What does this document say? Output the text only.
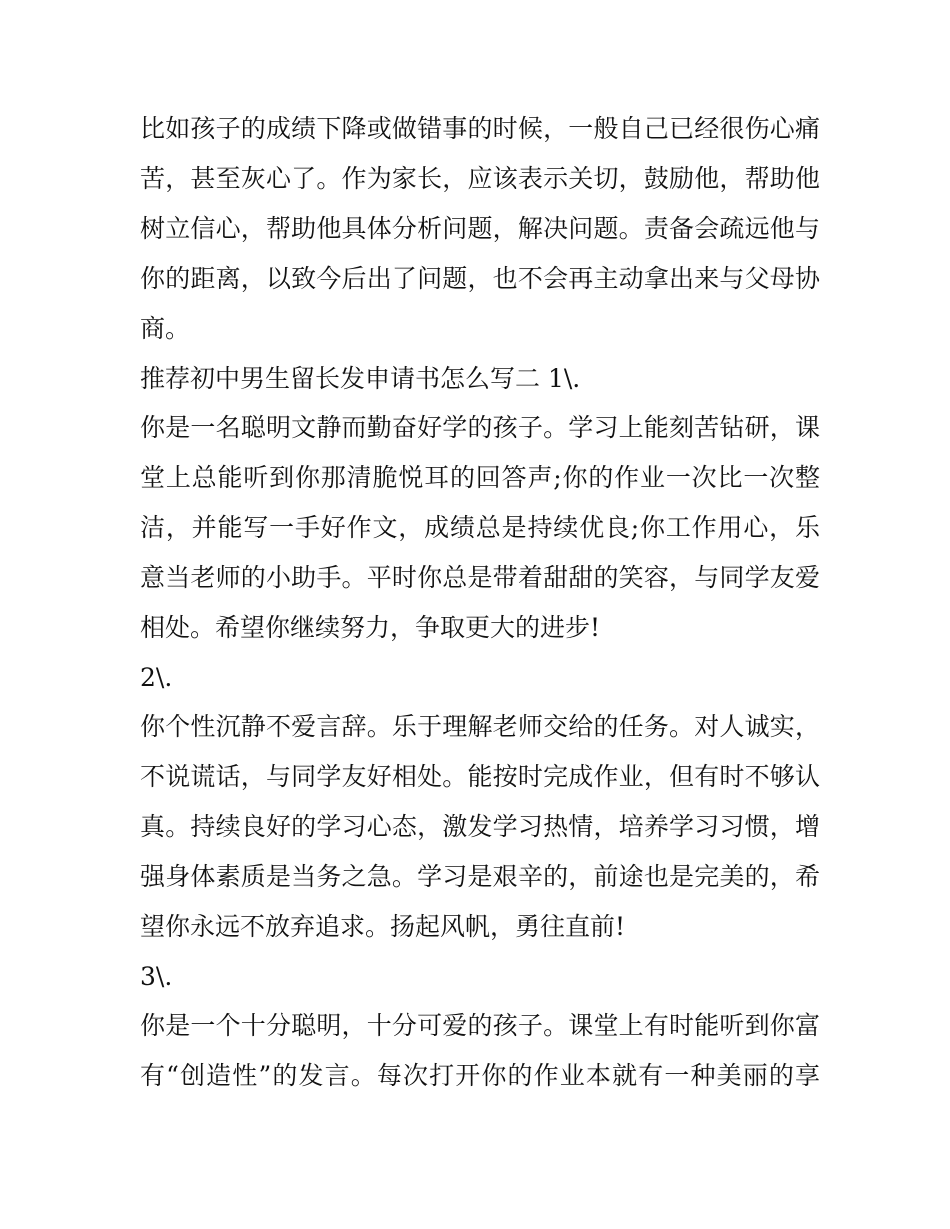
比如孩子的成绩下降或做错事的时候，一般自己已经很伤心痛
苦，甚至灰心了。作为家长，应该表示关切，鼓励他，帮助他
树立信心，帮助他具体分析问题，解决问题。责备会疏远他与
你的距离，以致今后出了问题，也不会再主动拿出来与父母协
商。
推荐初中男生留长发申请书怎么写二 1\.
你是一名聪明文静而勤奋好学的孩子。学习上能刻苦钻研，课
堂上总能听到你那清脆悦耳的回答声;你的作业一次比一次整
洁，并能写一手好作文，成绩总是持续优良;你工作用心，乐
意当老师的小助手。平时你总是带着甜甜的笑容，与同学友爱
相处。希望你继续努力，争取更大的进步!
2\.
你个性沉静不爱言辞。乐于理解老师交给的任务。对人诚实，
不说谎话，与同学友好相处。能按时完成作业，但有时不够认
真。持续良好的学习心态，激发学习热情，培养学习习惯，增
强身体素质是当务之急。学习是艰辛的，前途也是完美的，希
望你永远不放弃追求。扬起风帆，勇往直前!
3\.
你是一个十分聪明，十分可爱的孩子。课堂上有时能听到你富
有“创造性”的发言。每次打开你的作业本就有一种美丽的享
